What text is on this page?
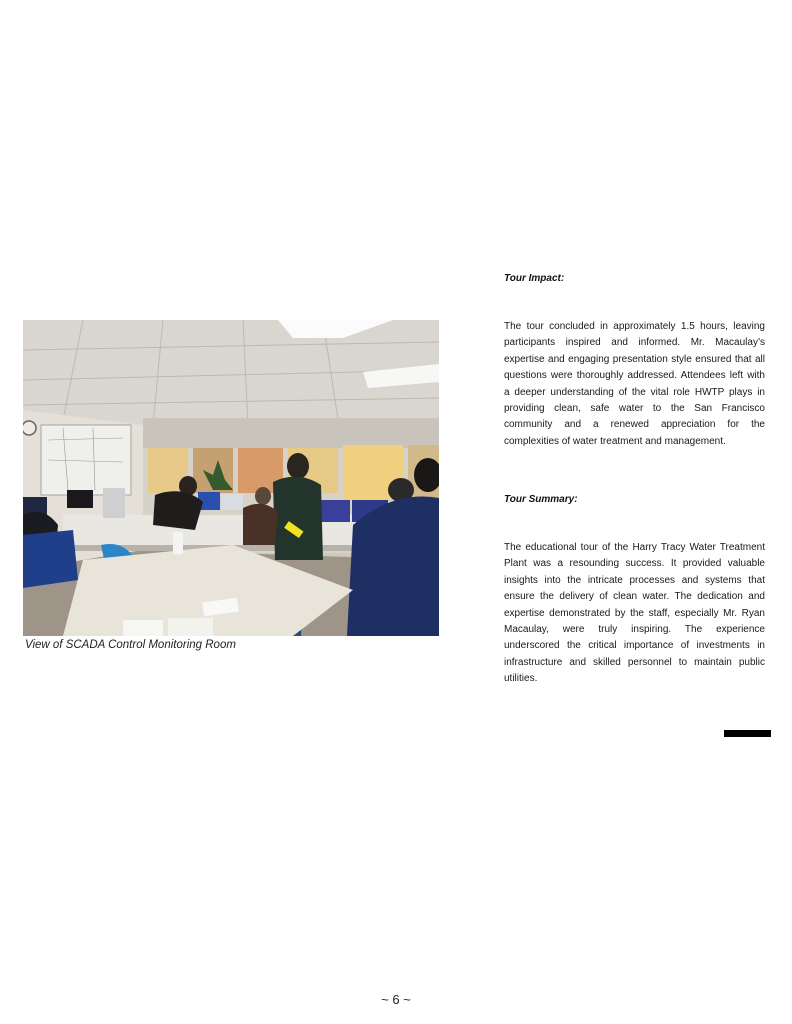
View of SCADA Control Monitoring Room
Tour Impact:

The tour concluded in approximately 1.5 hours, leaving participants inspired and informed. Mr. Macaulay’s expertise and engaging presentation style ensured that all questions were thoroughly addressed. Attendees left with a deeper understanding of the vital role HWTP plays in providing clean, safe water to the San Francisco community and a renewed appreciation for the complexities of water treatment and management.

Tour Summary:

The educational tour of the Harry Tracy Water Treatment Plant was a resounding success. It provided valuable insights into the intricate processes and systems that ensure the delivery of clean water. The dedication and expertise demonstrated by the staff, especially Mr. Ryan Macaulay, were truly inspiring. The experience underscored the critical importance of investments in infrastructure and skilled personnel to maintain public utilities.

~ 6 ~
